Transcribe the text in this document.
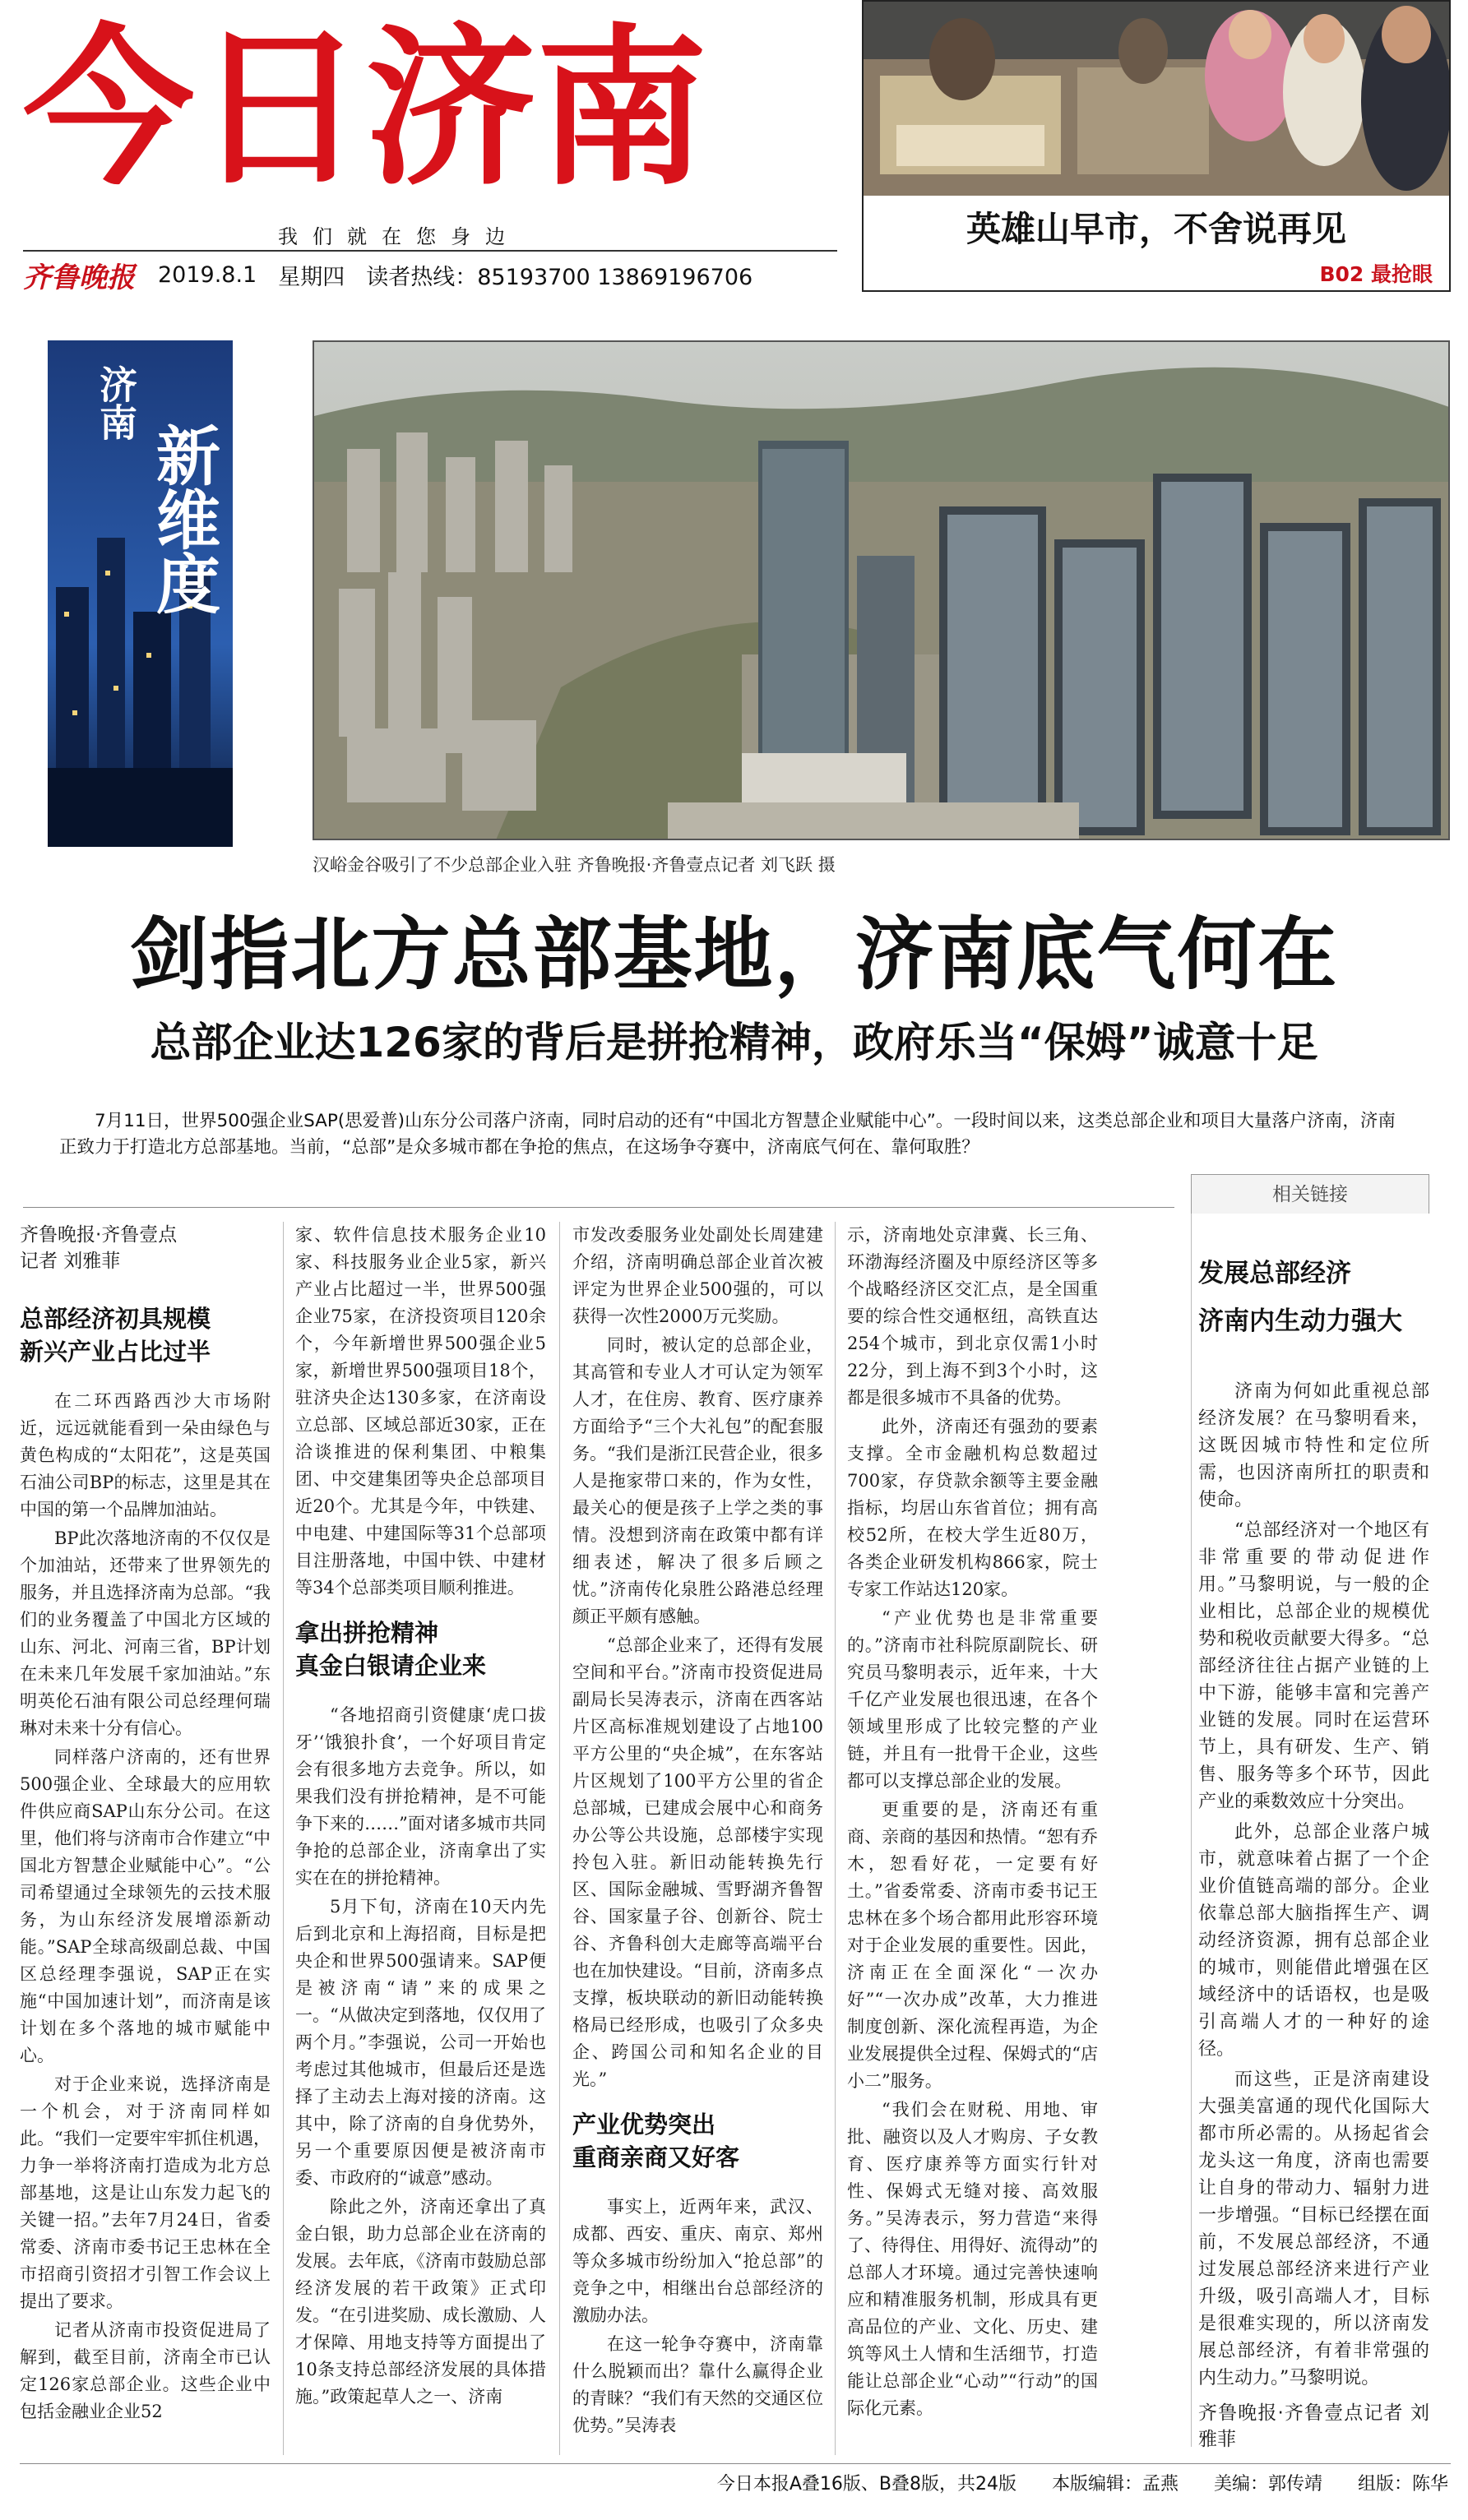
今日济南
我们就在您身边
齐鲁晚报 2019.8.1 星期四 读者热线：85193700 13869196706
英雄山早市，不舍说再见
B02 最抢眼
济南
新维度
汉峪金谷吸引了不少总部企业入驻 齐鲁晚报·齐鲁壹点记者 刘飞跃 摄
剑指北方总部基地，济南底气何在
总部企业达126家的背后是拼抢精神，政府乐当“保姆”诚意十足

7月11日，世界500强企业SAP(思爱普)山东分公司落户济南，同时启动的还有“中国北方智慧企业赋能中心”。一段时间以来，这类总部企业和项目大量落户济南，济南正致力于打造北方总部基地。当前，“总部”是众多城市都在争抢的焦点，在这场争夺赛中，济南底气何在、靠何取胜？

齐鲁晚报·齐鲁壹点
记者 刘雅菲

总部经济初具规模
新兴产业占比过半

在二环西路西沙大市场附近，远远就能看到一朵由绿色与黄色构成的“太阳花”，这是英国石油公司BP的标志，这里是其在中国的第一个品牌加油站。

BP此次落地济南的不仅仅是个加油站，还带来了世界领先的服务，并且选择济南为总部。“我们的业务覆盖了中国北方区域的山东、河北、河南三省，BP计划在未来几年发展千家加油站。”东明英伦石油有限公司总经理何瑞琳对未来十分有信心。

同样落户济南的，还有世界500强企业、全球最大的应用软件供应商SAP山东分公司。在这里，他们将与济南市合作建立“中国北方智慧企业赋能中心”。“公司希望通过全球领先的云技术服务，为山东经济发展增添新动能。”SAP全球高级副总裁、中国区总经理李强说，SAP正在实施“中国加速计划”，而济南是该计划在多个落地的城市赋能中心。

对于企业来说，选择济南是一个机会，对于济南同样如此。“我们一定要牢牢抓住机遇，力争一举将济南打造成为北方总部基地，这是让山东发力起飞的关键一招。”去年7月24日，省委常委、济南市委书记王忠林在全市招商引资招才引智工作会议上提出了要求。

记者从济南市投资促进局了解到，截至目前，济南全市已认定126家总部企业。这些企业中包括金融业企业52

家、软件信息技术服务企业10家、科技服务业企业5家，新兴产业占比超过一半，世界500强企业75家，在济投资项目120余个，今年新增世界500强企业5家，新增世界500强项目18个，驻济央企达130多家，在济南设立总部、区域总部近30家，正在洽谈推进的保利集团、中粮集团、中交建集团等央企总部项目近20个。尤其是今年，中铁建、中电建、中建国际等31个总部项目注册落地，中国中铁、中建材等34个总部类项目顺利推进。

拿出拼抢精神
真金白银请企业来

“各地招商引资健康‘虎口拔牙’‘饿狼扑食’，一个好项目肯定会有很多地方去竞争。所以，如果我们没有拼抢精神，是不可能争下来的……”面对诸多城市共同争抢的总部企业，济南拿出了实实在在的拼抢精神。

5月下旬，济南在10天内先后到北京和上海招商，目标是把央企和世界500强请来。SAP便是被济南“请”来的成果之一。“从做决定到落地，仅仅用了两个月。”李强说，公司一开始也考虑过其他城市，但最后还是选择了主动去上海对接的济南。这其中，除了济南的自身优势外，另一个重要原因便是被济南市委、市政府的“诚意”感动。

除此之外，济南还拿出了真金白银，助力总部企业在济南的发展。去年底，《济南市鼓励总部经济发展的若干政策》正式印发。“在引进奖励、成长激励、人才保障、用地支持等方面提出了10条支持总部经济发展的具体措施。”政策起草人之一、济南

市发改委服务业处副处长周建建介绍，济南明确总部企业首次被评定为世界企业500强的，可以获得一次性2000万元奖励。

同时，被认定的总部企业，其高管和专业人才可认定为领军人才，在住房、教育、医疗康养方面给予“三个大礼包”的配套服务。“我们是浙江民营企业，很多人是拖家带口来的，作为女性，最关心的便是孩子上学之类的事情。没想到济南在政策中都有详细表述，解决了很多后顾之忧。”济南传化泉胜公路港总经理颜正平颇有感触。

“总部企业来了，还得有发展空间和平台。”济南市投资促进局副局长吴涛表示，济南在西客站片区高标准规划建设了占地100平方公里的“央企城”，在东客站片区规划了100平方公里的省企总部城，已建成会展中心和商务办公等公共设施，总部楼宇实现拎包入驻。新旧动能转换先行区、国际金融城、雪野湖齐鲁智谷、国家量子谷、创新谷、院士谷、齐鲁科创大走廊等高端平台也在加快建设。“目前，济南多点支撑，板块联动的新旧动能转换格局已经形成，也吸引了众多央企、跨国公司和知名企业的目光。”

产业优势突出
重商亲商又好客

事实上，近两年来，武汉、成都、西安、重庆、南京、郑州等众多城市纷纷加入“抢总部”的竞争之中，相继出台总部经济的激励办法。

在这一轮争夺赛中，济南靠什么脱颖而出？靠什么赢得企业的青睐？“我们有天然的交通区位优势。”吴涛表

示，济南地处京津冀、长三角、环渤海经济圈及中原经济区等多个战略经济区交汇点，是全国重要的综合性交通枢纽，高铁直达254个城市，到北京仅需1小时22分，到上海不到3个小时，这都是很多城市不具备的优势。

此外，济南还有强劲的要素支撑。全市金融机构总数超过700家，存贷款余额等主要金融指标，均居山东省首位；拥有高校52所，在校大学生近80万，各类企业研发机构866家，院士专家工作站达120家。

“产业优势也是非常重要的。”济南市社科院原副院长、研究员马黎明表示，近年来，十大千亿产业发展也很迅速，在各个领域里形成了比较完整的产业链，并且有一批骨干企业，这些都可以支撑总部企业的发展。

更重要的是，济南还有重商、亲商的基因和热情。“恕有乔木，恕看好花，一定要有好土。”省委常委、济南市委书记王忠林在多个场合都用此形容环境对于企业发展的重要性。因此，济南正在全面深化“一次办好”“一次办成”改革，大力推进制度创新、深化流程再造，为企业发展提供全过程、保姆式的“店小二”服务。

“我们会在财税、用地、审批、融资以及人才购房、子女教育、医疗康养等方面实行针对性、保姆式无缝对接、高效服务。”吴涛表示，努力营造“来得了、待得住、用得好、流得动”的总部人才环境。通过完善快速响应和精准服务机制，形成具有更高品位的产业、文化、历史、建筑等风土人情和生活细节，打造能让总部企业“心动”“行动”的国际化元素。

相关链接
发展总部经济
济南内生动力强大

济南为何如此重视总部经济发展？在马黎明看来，这既因城市特性和定位所需，也因济南所扛的职责和使命。

“总部经济对一个地区有非常重要的带动促进作用。”马黎明说，与一般的企业相比，总部企业的规模优势和税收贡献要大得多。“总部经济往往占据产业链的上中下游，能够丰富和完善产业链的发展。同时在运营环节上，具有研发、生产、销售、服务等多个环节，因此产业的乘数效应十分突出。

此外，总部企业落户城市，就意味着占据了一个企业价值链高端的部分。企业依靠总部大脑指挥生产、调动经济资源，拥有总部企业的城市，则能借此增强在区域经济中的话语权，也是吸引高端人才的一种好的途径。

而这些，正是济南建设大强美富通的现代化国际大都市所必需的。从扬起省会龙头这一角度，济南也需要让自身的带动力、辐射力进一步增强。“目标已经摆在面前，不发展总部经济，不通过发展总部经济来进行产业升级，吸引高端人才，目标是很难实现的，所以济南发展总部经济，有着非常强的内生动力。”马黎明说。

齐鲁晚报·齐鲁壹点记者 刘雅菲

今日本报A叠16版、B叠8版，共24版 本版编辑：孟燕 美编：郭传靖 组版：陈华
